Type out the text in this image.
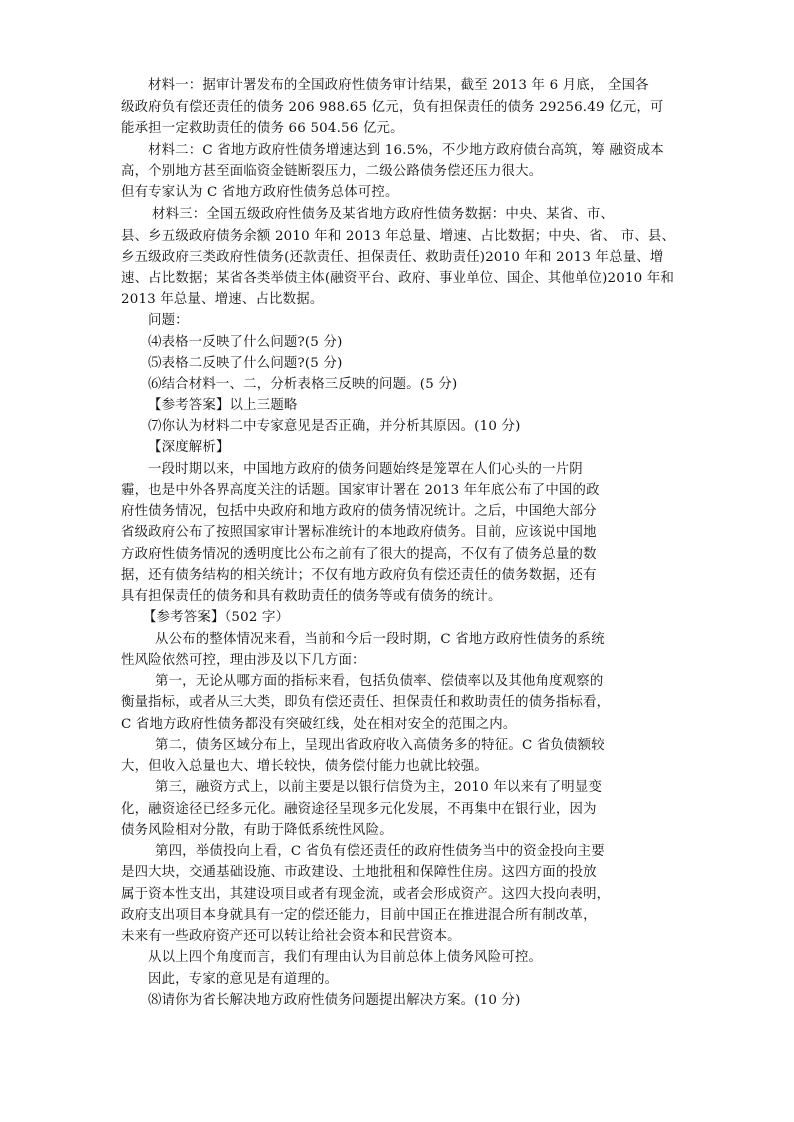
材料一：据审计署发布的全国政府性债务审计结果，截至 2013 年 6 月底， 全国各
级政府负有偿还责任的债务 206 988.65 亿元，负有担保责任的债务 29256.49 亿元，可
能承担一定救助责任的债务 66 504.56 亿元。
材料二：C 省地方政府性债务增速达到 16.5%，不少地方政府债台高筑，筹 融资成本
高，个别地方甚至面临资金链断裂压力，二级公路债务偿还压力很大。
但有专家认为 C 省地方政府性债务总体可控。
材料三：全国五级政府性债务及某省地方政府性债务数据：中央、某省、市、
县、乡五级政府债务余额 2010 年和 2013 年总量、增速、占比数据；中央、省、 市、县、
乡五级政府三类政府性债务(还款责任、担保责任、救助责任)2010 年和 2013 年总量、增
速、占比数据；某省各类举债主体(融资平台、政府、事业单位、国企、其他单位)2010 年和
2013 年总量、增速、占比数据。
问题：
⑷表格一反映了什么问题?(5 分)
⑸表格二反映了什么问题?(5 分)
⑹结合材料一、二，分析表格三反映的问题。(5 分)
【参考答案】以上三题略
⑺你认为材料二中专家意见是否正确，并分析其原因。(10 分)
【深度解析】
一段时期以来，中国地方政府的债务问题始终是笼罩在人们心头的一片阴
霾，也是中外各界高度关注的话题。国家审计署在 2013 年年底公布了中国的政
府性债务情况，包括中央政府和地方政府的债务情况统计。之后，中国绝大部分
省级政府公布了按照国家审计署标准统计的本地政府债务。目前，应该说中国地
方政府性债务情况的透明度比公布之前有了很大的提高，不仅有了债务总量的数
据，还有债务结构的相关统计；不仅有地方政府负有偿还责任的债务数据，还有
具有担保责任的债务和具有救助责任的债务等或有债务的统计。
【参考答案】（502 字）
从公布的整体情况来看，当前和今后一段时期，C 省地方政府性债务的系统
性风险依然可控，理由涉及以下几方面：
第一，无论从哪方面的指标来看，包括负债率、偿债率以及其他角度观察的
衡量指标，或者从三大类，即负有偿还责任、担保责任和救助责任的债务指标看，
C 省地方政府性债务都没有突破红线，处在相对安全的范围之内。
第二，债务区域分布上，呈现出省政府收入高债务多的特征。C 省负债额较
大，但收入总量也大、增长较快，债务偿付能力也就比较强。
第三，融资方式上，以前主要是以银行信贷为主，2010 年以来有了明显变
化，融资途径已经多元化。融资途径呈现多元化发展，不再集中在银行业，因为
债务风险相对分散，有助于降低系统性风险。
第四，举债投向上看，C 省负有偿还责任的政府性债务当中的资金投向主要
是四大块，交通基础设施、市政建设、土地批租和保障性住房。这四方面的投放
属于资本性支出，其建设项目或者有现金流，或者会形成资产。这四大投向表明，
政府支出项目本身就具有一定的偿还能力，目前中国正在推进混合所有制改革，
未来有一些政府资产还可以转让给社会资本和民营资本。
从以上四个角度而言，我们有理由认为目前总体上债务风险可控。
因此，专家的意见是有道理的。
⑻请你为省长解决地方政府性债务问题提出解决方案。(10 分)
